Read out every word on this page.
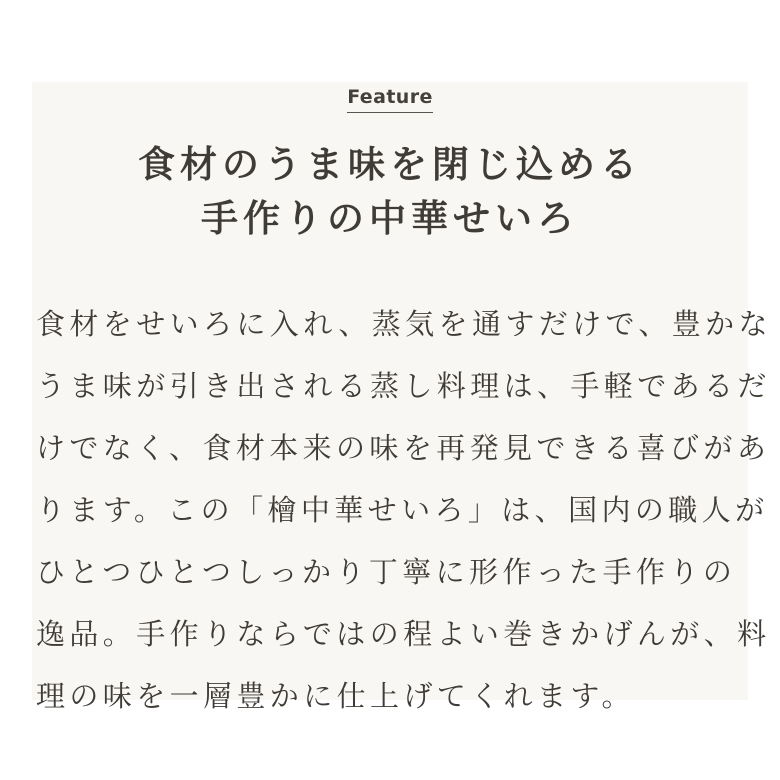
Feature
食材のうま味を閉じ込める
手作りの中華せいろ
食材をせいろに入れ、蒸気を通すだけで、豊かな
うま味が引き出される蒸し料理は、手軽であるだ
けでなく、食材本来の味を再発見できる喜びがあ
ります。この「檜中華せいろ」は、国内の職人が
ひとつひとつしっかり丁寧に形作った手作りの
逸品。手作りならではの程よい巻きかげんが、料
理の味を一層豊かに仕上げてくれます。
